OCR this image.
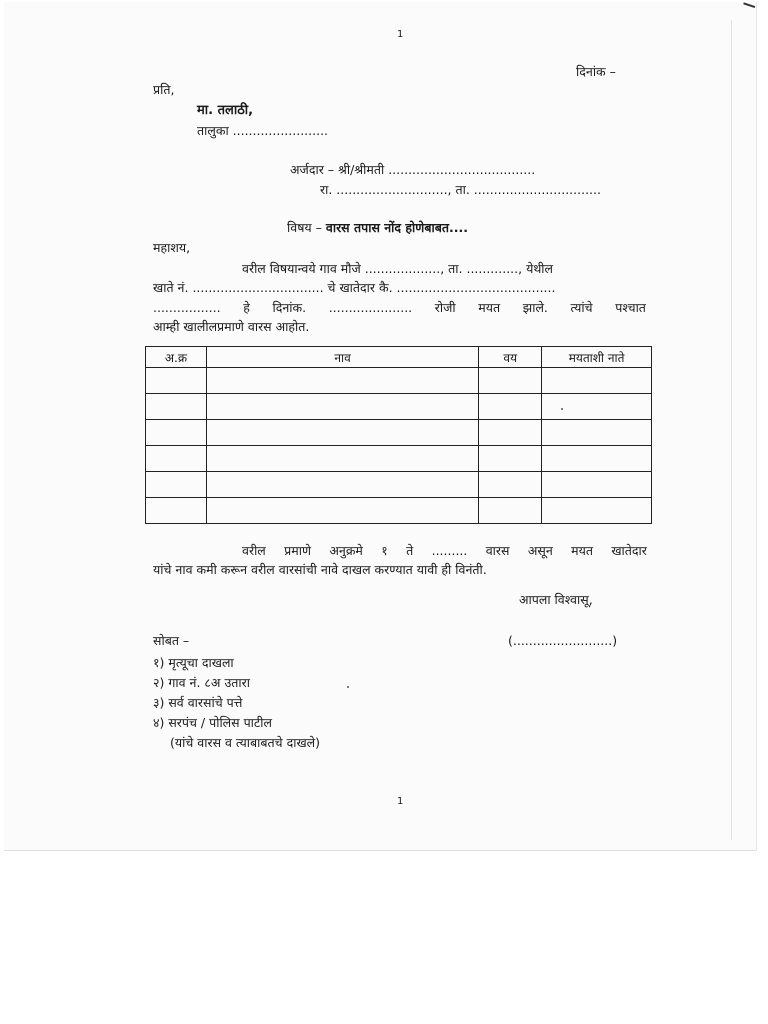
1
दिनांक –
प्रति,
मा. तलाठी,
तालुका ........................
अर्जदार – श्री/श्रीमती .....................................
रा. ............................, ता. ................................
विषय – वारस तपास नोंद होणेबाबत....
महाशय,
वरील विषयान्वये गाव मौजे ..................., ता. ............., येथील
खाते नं. ................................. चे खातेदार कै. ........................................
................. हे दिनांक. ..................... रोजी मयत झाले. त्यांचे पश्चात
आम्ही खालीलप्रमाणे वारस आहोत.
अ.क्र	नाव	वय	मयताशी नाते

वरील प्रमाणे अनुक्रमे १ ते ......... वारस असून मयत खातेदार
यांचे नाव कमी करून वरील वारसांची नावे दाखल करण्यात यावी ही विनंती.
आपला विश्वासू,
सोबत –	(.........................)
१) मृत्यूचा दाखला
२) गाव नं. ८अ उतारा
३) सर्व वारसांचे पत्ते
४) सरपंच / पोलिस पाटील
(यांचे वारस व त्याबाबतचे दाखले)
1
